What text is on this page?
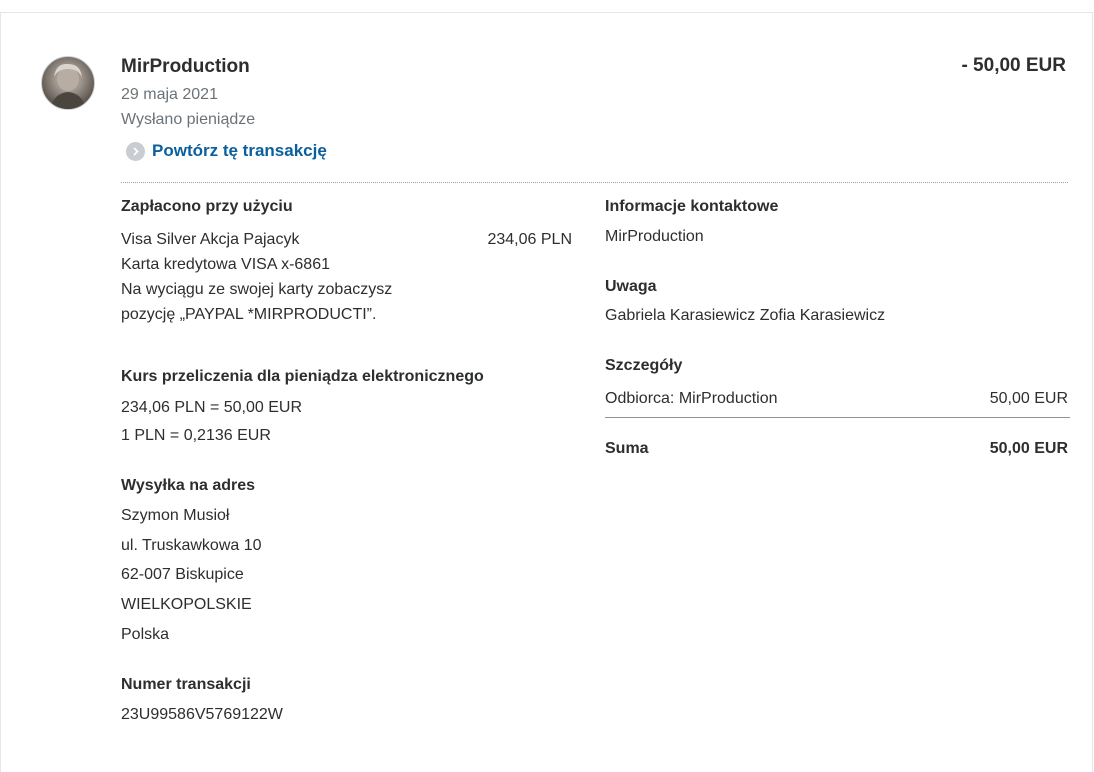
MirProduction
29 maja 2021
Wysłano pieniądze
Powtórz tę transakcję
- 50,00 EUR
Zapłacono przy użyciu
Visa Silver Akcja Pajacyk	234,06 PLN
Karta kredytowa VISA x-6861
Na wyciągu ze swojej karty zobaczysz
pozycję „PAYPAL *MIRPRODUCTI”.
Kurs przeliczenia dla pieniądza elektronicznego
234,06 PLN = 50,00 EUR
1 PLN = 0,2136 EUR
Wysyłka na adres
Szymon Musioł
ul. Truskawkowa 10
62-007 Biskupice
WIELKOPOLSKIE
Polska
Numer transakcji
23U99586V5769122W
Informacje kontaktowe
MirProduction
Uwaga
Gabriela Karasiewicz Zofia Karasiewicz
Szczegóły
Odbiorca: MirProduction	50,00 EUR
Suma	50,00 EUR
